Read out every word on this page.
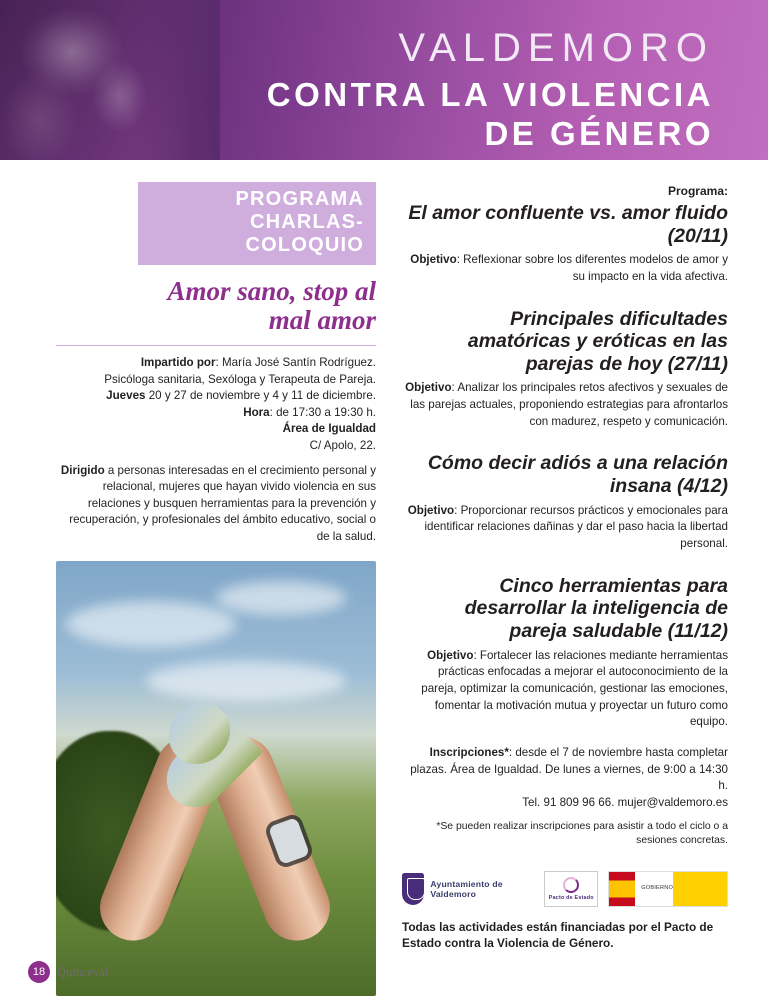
VALDEMORO
CONTRA LA VIOLENCIA
DE GÉNERO
PROGRAMA
CHARLAS-COLOQUIO
Amor sano, stop al
mal amor

Impartido por: María José Santín Rodríguez.

Psicóloga sanitaria, Sexóloga y Terapeuta de Pareja.

Jueves 20 y 27 de noviembre y 4 y 11 de diciembre.

Hora: de 17:30 a 19:30 h.

Área de Igualdad

C/ Apolo, 22.

Dirigido a personas interesadas en el crecimiento personal y relacional, mujeres que hayan vivido violencia en sus relaciones y busquen herramientas para la prevención y recuperación, y profesionales del ámbito educativo, social o de la salud.

Programa:
El amor confluente vs. amor fluido (20/11)
Objetivo: Reflexionar sobre los diferentes modelos de amor y su impacto en la vida afectiva.
Principales dificultades amatóricas y eróticas en las parejas de hoy (27/11)
Objetivo: Analizar los principales retos afectivos y sexuales de las parejas actuales, proponiendo estrategias para afrontarlos con madurez, respeto y comunicación.
Cómo decir adiós a una relación insana (4/12)
Objetivo: Proporcionar recursos prácticos y emocionales para identificar relaciones dañinas y dar el paso hacia la libertad personal.
Cinco herramientas para desarrollar la inteligencia de pareja saludable (11/12)
Objetivo: Fortalecer las relaciones mediante herramientas prácticas enfocadas a mejorar el autoconocimiento de la pareja, optimizar la comunicación, gestionar las emociones, fomentar la motivación mutua y proyectar un futuro como equipo.
Inscripciones*: desde el 7 de noviembre hasta completar plazas. Área de Igualdad. De lunes a viernes, de 9:00 a 14:30 h.
Tel. 91 809 96 66. mujer@valdemoro.es
*Se pueden realizar inscripciones para asistir a todo el ciclo o a sesiones concretas.
Ayuntamiento de Valdemoro	Pacto de Estado
GOBIERNO
Todas las actividades están financiadas por el Pacto de Estado contra la Violencia de Género.
18 Quinceval
